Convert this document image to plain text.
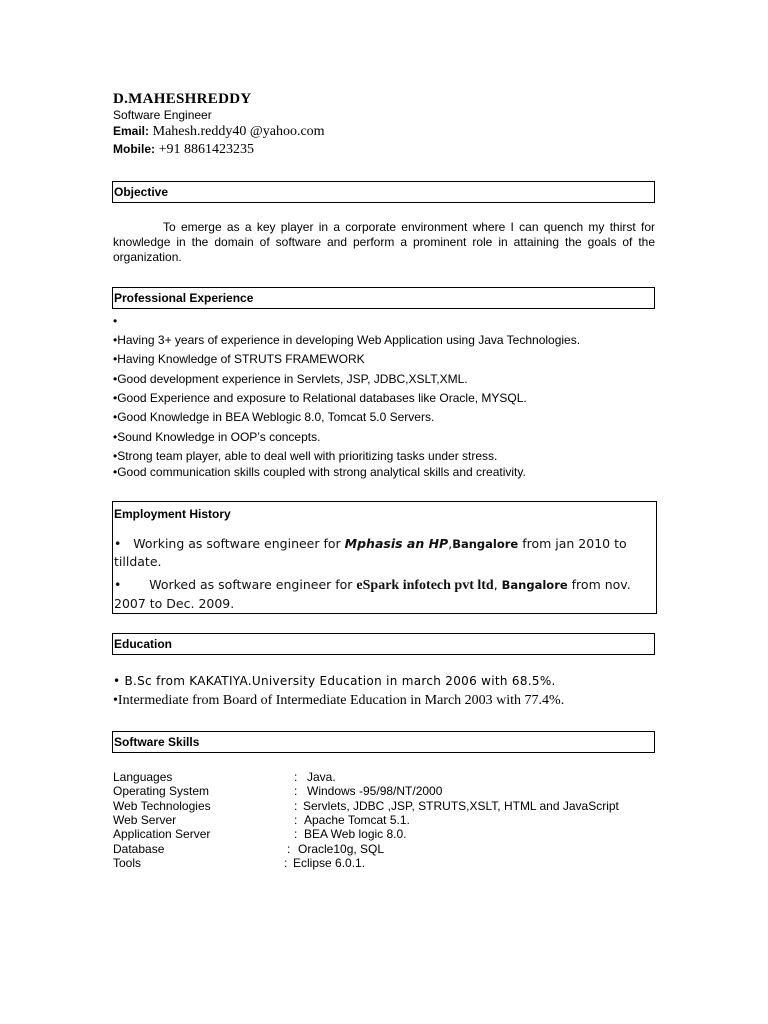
D.MAHESHREDDY
Software Engineer
Email: Mahesh.reddy40 @yahoo.com
Mobile: +91 8861423235
Objective
To emerge as a key player in a corporate environment where I can quench my thirst for knowledge in the domain of software and perform a prominent role in attaining the goals of the organization.
Professional Experience
•
•Having 3+ years of experience in developing Web Application using Java Technologies.
•Having Knowledge of STRUTS FRAMEWORK
•Good development experience in Servlets, JSP, JDBC,XSLT,XML.
•Good Experience and exposure to Relational databases like Oracle, MYSQL.
•Good Knowledge in BEA Weblogic 8.0, Tomcat 5.0 Servers.
•Sound Knowledge in OOP’s concepts.
•Strong team player, able to deal well with prioritizing tasks under stress.
•Good communication skills coupled with strong analytical skills and creativity.
Employment History
• Working as software engineer for Mphasis an HP,Bangalore from jan 2010 to tilldate.
• Worked as software engineer for eSpark infotech pvt ltd, Bangalore from nov. 2007 to Dec. 2009.
Education
• B.Sc from KAKATIYA.University Education in march 2006 with 68.5%.
•Intermediate from Board of Intermediate Education in March 2003 with 77.4%.
Software Skills
Languages	: Java.
Operating System	: Windows -95/98/NT/2000
Web Technologies	: Servlets, JDBC ,JSP, STRUTS,XSLT, HTML and JavaScript
Web Server	: Apache Tomcat 5.1.
Application Server	: BEA Web logic 8.0.
Database	: Oracle10g, SQL
Tools	: Eclipse 6.0.1.
